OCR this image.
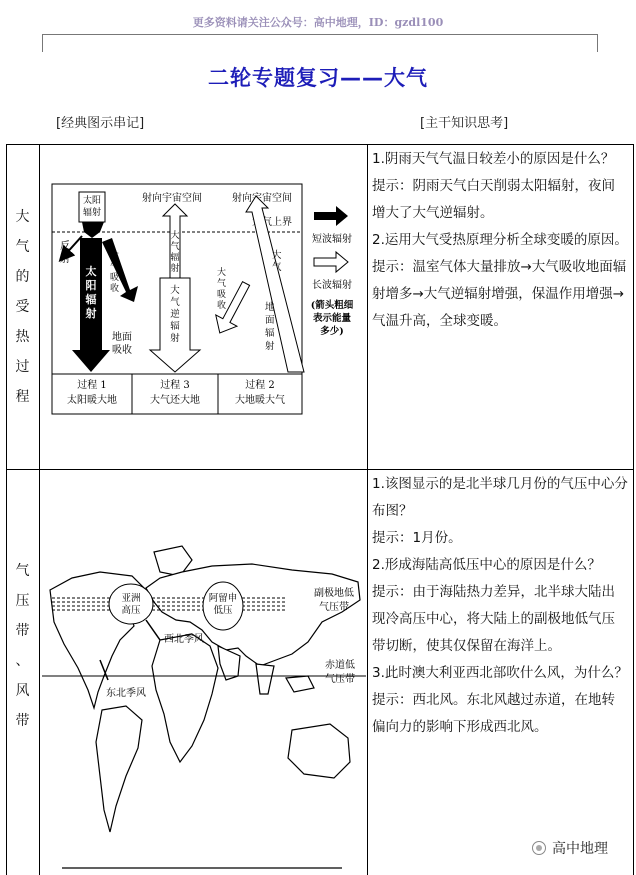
更多资料请关注公众号：高中地理，ID：gzdl100
二轮专题复习——大气
[经典图示串记]	[主干知识思考]
大
气
的
受
热
过
程
气
压
带
、
风
带

1.阴雨天气气温日较差小的原因是什么？

提示：阴雨天气白天削弱太阳辐射，夜间增大了大气逆辐射。

2.运用大气受热原理分析全球变暖的原因。

提示：温室气体大量排放→大气吸收地面辐射增多→大气逆辐射增强，保温作用增强→气温升高，全球变暖。

1.该图显示的是北半球几月份的气压中心分布图？

提示：1月份。

2.形成海陆高低压中心的原因是什么？

提示：由于海陆热力差异，北半球大陆出现冷高压中心，将大陆上的副极地低气压带切断，使其仅保留在海洋上。

3.此时澳大利亚西北部吹什么风，为什么？

提示：西北风。东北风越过赤道，在地转偏向力的影响下形成西北风。

太阳
辐射
太阳辐射
反射	大气吸收
地面吸收
射向宇宙空间
大气辐射
大气逆辐射
射向宇宙空间
大气上界
大气
地面辐射
大气吸收
过程 1 太阳暖大地
过程 3 大气还大地
过程 2 大地暖大气
短波辐射
长波辐射
(箭头粗细表示能量多少)
亚洲高压
阿留申低压
西北季风
东北季风
副极地低气压带
赤道低气压带
高中地理
